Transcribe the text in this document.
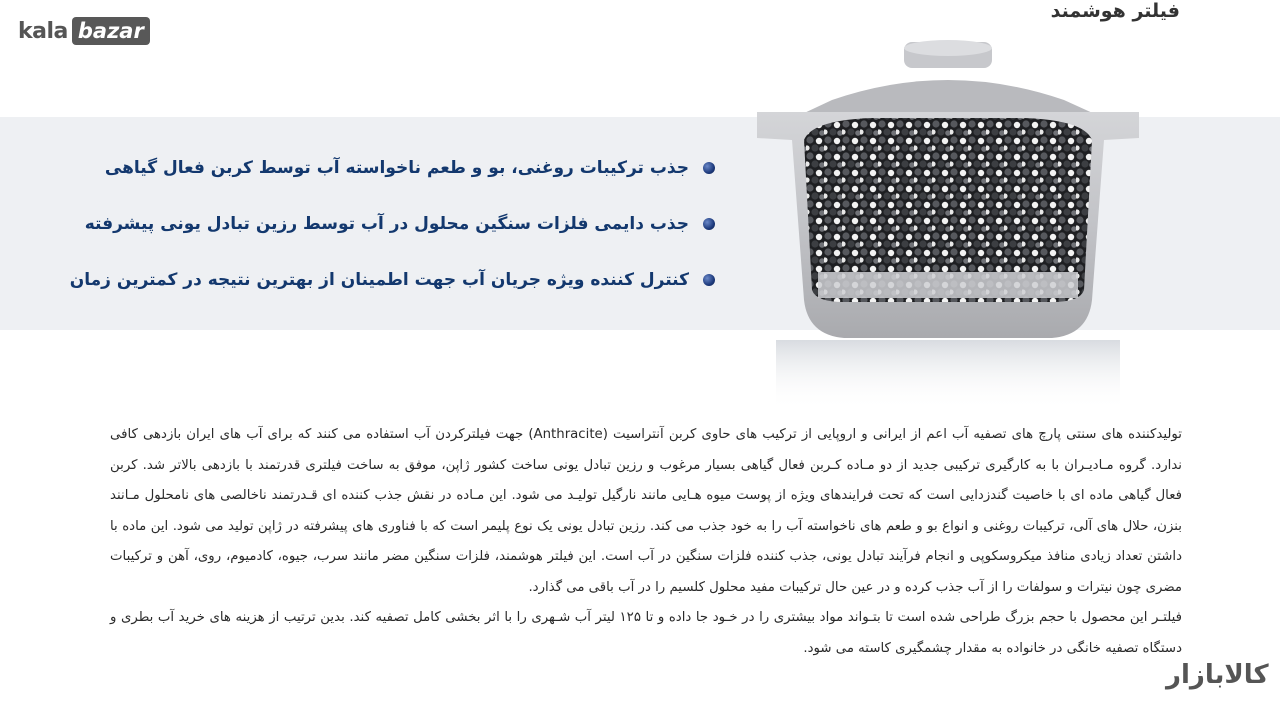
kala bazar
فیلتر هوشمند
جذب ترکیبات روغنی، بو و طعم ناخواسته آب توسط کربن فعال گیاهی
جذب دایمی فلزات سنگین محلول در آب توسط رزین تبادل یونی پیشرفته
کنترل کننده ویژه جریان آب جهت اطمینان از بهترین نتیجه در کمترین زمان

تولیدکننده های سنتی پارچ های تصفیه آب اعم از ایرانی و اروپایی از ترکیب های حاوی کربن آنتراسیت (Anthracite) جهت فیلترکردن آب استفاده می کنند که برای آب های ایران بازدهی کافی ندارد. گروه مـادیـران با به کارگیری ترکیبی جدید از دو مـاده کـربن فعال گیاهی بسیار مرغوب و رزین تبادل یونی ساخت کشور ژاپن، موفق به ساخت فیلتری قدرتمند با بازدهی بالاتر شد. کربن فعال گیاهی ماده ای با خاصیت گندزدایی است که تحت فرایندهای ویژه از پوست میوه هـایی مانند نارگیل تولیـد می شود. این مـاده در نقش جذب کننده ای قـدرتمند ناخالصی های نامحلول مـانند بنزن، حلال های آلی، ترکیبات روغنی و انواع بو و طعم های ناخواسته آب را به خود جذب می کند. رزین تبادل یونی یک نوع پلیمر است که با فناوری های پیشرفته در ژاپن تولید می شود. این ماده با داشتن تعداد زیادی منافذ میکروسکوپی و انجام فرآیند تبادل یونی، جذب کننده فلزات سنگین در آب است. این فیلتر هوشمند، فلزات سنگین مضر مانند سرب، جیوه، کادمیوم، روی، آهن و ترکیبات مضری چون نیترات و سولفات را از آب جذب کرده و در عین حال ترکیبات مفید محلول کلسیم را در آب باقی می گذارد.

فیلتـر این محصول با حجم بزرگ طراحی شده است تا بتـواند مواد بیشتری را در خـود جا داده و تا ۱۲۵ لیتر آب شـهری را با اثر بخشی کامل تصفیه کند. بدین ترتیب از هزینه های خرید آب بطری و دستگاه تصفیه خانگی در خانواده به مقدار چشمگیری کاسته می شود.

کالابازار
